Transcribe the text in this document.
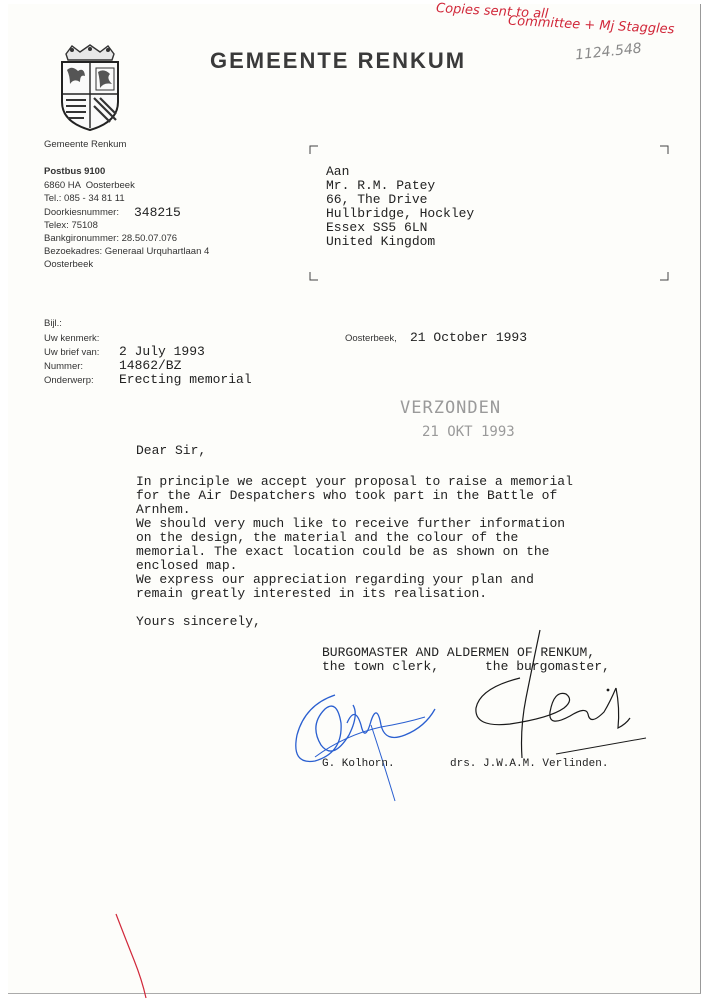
Copies sent to all
Committee + Mj Staggles
1124.548
Gemeente Renkum
GEMEENTE RENKUM
Postbus 9100
6860 HA  Oosterbeek
Tel.: 085 - 34 81 11
Doorkiesnummer: 348215
Telex: 75108
Bankgironummer: 28.50.07.076
Bezoekadres: Generaal Urquhartlaan 4
Oosterbeek
Aan
Mr. R.M. Patey
66, The Drive
Hullbridge, Hockley
Essex SS5 6LN
United Kingdom
Bijl.:
Uw kenmerk:
Uw brief van: 2 July 1993
Nummer:	14862/BZ
Onderwerp: Erecting memorial
Oosterbeek, 21 October 1993
VERZONDEN
21 OKT 1993
Dear Sir,
In principle we accept your proposal to raise a memorial
for the Air Despatchers who took part in the Battle of
Arnhem.
We should very much like to receive further information
on the design, the material and the colour of the
memorial. The exact location could be as shown on the
enclosed map.
We express our appreciation regarding your plan and
remain greatly interested in its realisation.
Yours sincerely,
BURGOMASTER AND ALDERMEN OF RENKUM,
the town clerk,	the burgomaster,
G. Kolhorn.	drs. J.W.A.M. Verlinden.
